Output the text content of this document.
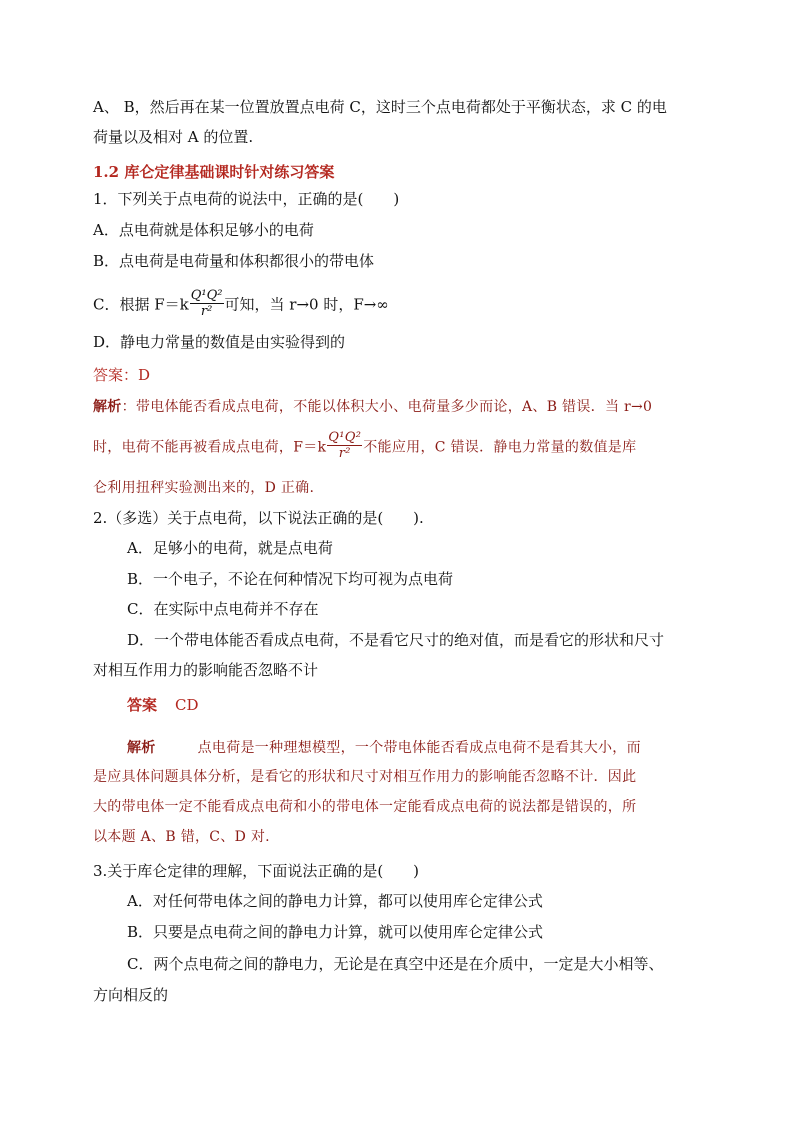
A、 B，然后再在某一位置放置点电荷 C，这时三个点电荷都处于平衡状态，求 C 的电
荷量以及相对 A 的位置.
1.2 库仑定律基础课时针对练习答案
1．下列关于点电荷的说法中，正确的是(　　)
A．点电荷就是体积足够小的电荷
B．点电荷是电荷量和体积都很小的带电体
C．根据 $F=k \frac{\text{Q¹Q²}}{\text{r²}}$ 可知，当 r→0 时，F→∞
D．静电力常量的数值是由实验得到的
答案：D
解析：带电体能否看成点电荷，不能以体积大小、电荷量多少而论，A、B 错误．当 r→0
时，电荷不能再被看成点电荷，$F=k \frac{\text{Q¹Q²}}{\text{r²}}$ 不能应用，C 错误．静电力常量的数值是库
仑利用扭秤实验测出来的，D 正确.
2.（多选）关于点电荷，以下说法正确的是(　　).
A．足够小的电荷，就是点电荷
B．一个电子，不论在何种情况下均可视为点电荷
C．在实际中点电荷并不存在
D．一个带电体能否看成点电荷，不是看它尺寸的绝对值，而是看它的形状和尺寸
对相互作用力的影响能否忽略不计
答案 CD
解析	点电荷是一种理想模型，一个带电体能否看成点电荷不是看其大小，而
是应具体问题具体分析，是看它的形状和尺寸对相互作用力的影响能否忽略不计．因此
大的带电体一定不能看成点电荷和小的带电体一定能看成点电荷的说法都是错误的，所
以本题 A、B 错，C、D 对.
3.关于库仑定律的理解，下面说法正确的是(　　)
A．对任何带电体之间的静电力计算，都可以使用库仑定律公式
B．只要是点电荷之间的静电力计算，就可以使用库仑定律公式
C．两个点电荷之间的静电力，无论是在真空中还是在介质中，一定是大小相等、
方向相反的
